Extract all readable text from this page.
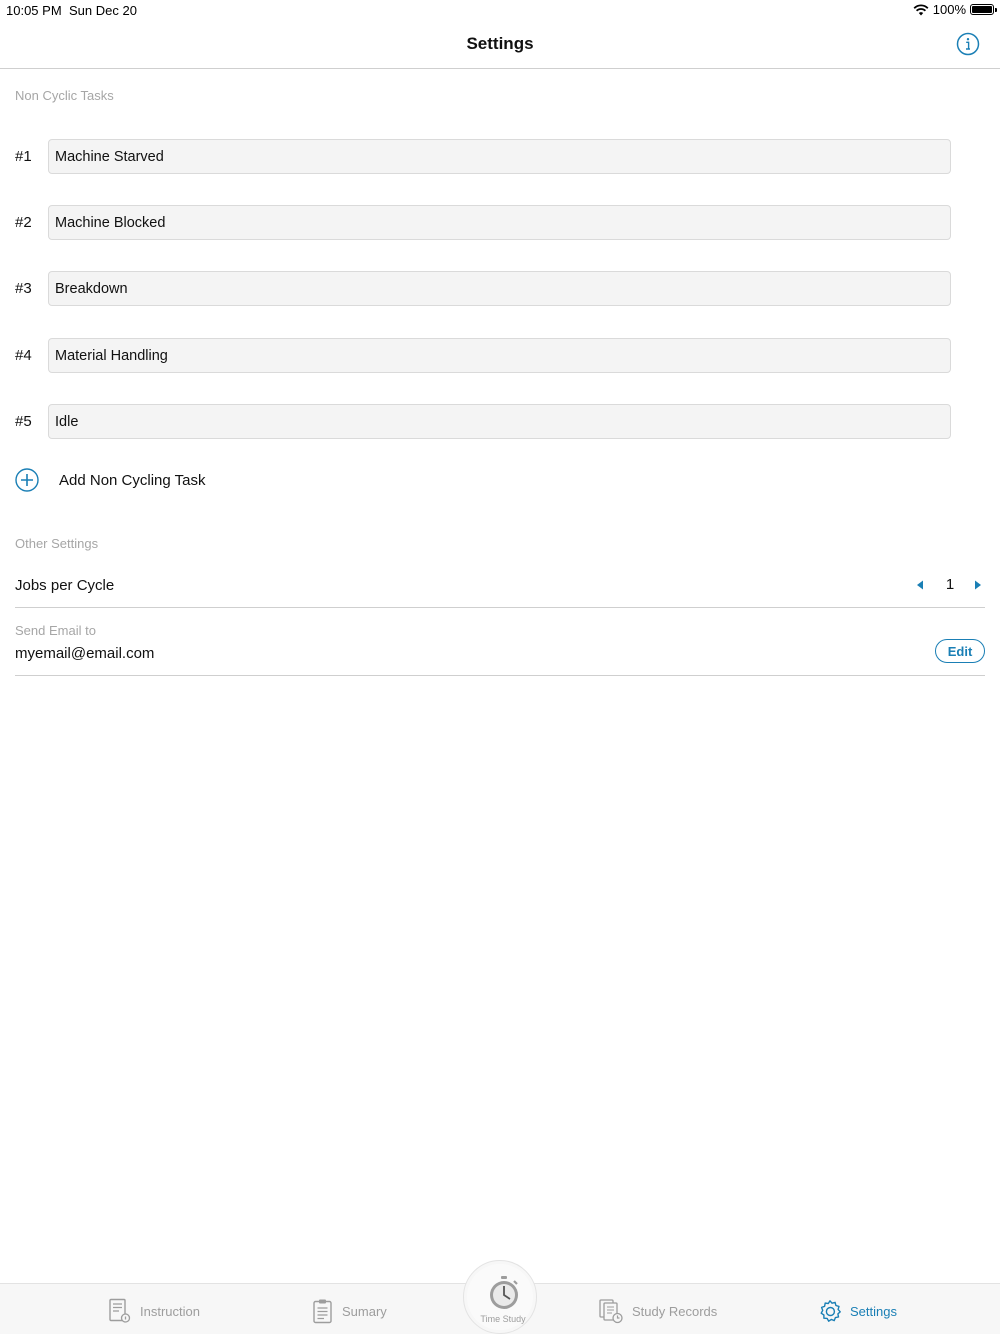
10:05 PM Sun Dec 20	100%
Settings
Non Cyclic Tasks
#1
Machine Starved
#2
Machine Blocked
#3
Breakdown
#4
Material Handling
#5
Idle
Add Non Cycling Task
Other Settings
Jobs per Cycle	1
Send Email to
myemail@email.com	Edit
Instruction	Sumary	Study Records	Settings
Time Study
